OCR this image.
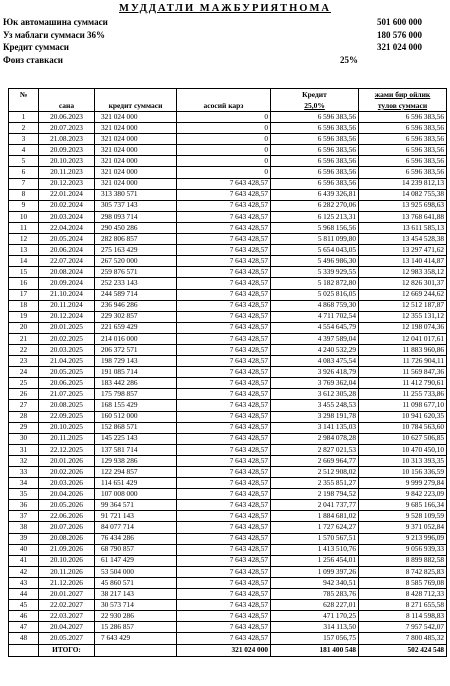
МУДДАТЛИ МАЖБУРИЯТНОМА
Юк автомашина суммаси	501 600 000
Уз маблаги суммаси 36%	180 576 000
Кредит суммаси	321 024 000
Фоиз ставкаси	25%
№				Кредит	жами бир ойлик
	сана	кредит суммаси	асосий карз	25,0%	тулов суммаси
1	20.06.2023	321 024 000	0	6 596 383,56	6 596 383,56
2	20.07.2023	321 024 000	0	6 596 383,56	6 596 383,56
3	21.08.2023	321 024 000	0	6 596 383,56	6 596 383,56
4	20.09.2023	321 024 000	0	6 596 383,56	6 596 383,56
5	20.10.2023	321 024 000	0	6 596 383,56	6 596 383,56
6	20.11.2023	321 024 000	0	6 596 383,56	6 596 383,56
7	20.12.2023	321 024 000	7 643 428,57	6 596 383,56	14 239 812,13
8	22.01.2024	313 380 571	7 643 428,57	6 439 326,81	14 082 755,38
9	20.02.2024	305 737 143	7 643 428,57	6 282 270,06	13 925 698,63
10	20.03.2024	298 093 714	7 643 428,57	6 125 213,31	13 768 641,88
11	22.04.2024	290 450 286	7 643 428,57	5 968 156,56	13 611 585,13
12	20.05.2024	282 806 857	7 643 428,57	5 811 099,80	13 454 528,38
13	20.06.2024	275 163 429	7 643 428,57	5 654 043,05	13 297 471,62
14	22.07.2024	267 520 000	7 643 428,57	5 496 986,30	13 140 414,87
15	20.08.2024	259 876 571	7 643 428,57	5 339 929,55	12 983 358,12
16	20.09.2024	252 233 143	7 643 428,57	5 182 872,80	12 826 301,37
17	21.10.2024	244 589 714	7 643 428,57	5 025 816,05	12 669 244,62
18	20.11.2024	236 946 286	7 643 428,57	4 868 759,30	12 512 187,87
19	20.12.2024	229 302 857	7 643 428,57	4 711 702,54	12 355 131,12
20	20.01.2025	221 659 429	7 643 428,57	4 554 645,79	12 198 074,36
21	20.02.2025	214 016 000	7 643 428,57	4 397 589,04	12 041 017,61
22	20.03.2025	206 372 571	7 643 428,57	4 240 532,29	11 883 960,86
23	21.04.2025	198 729 143	7 643 428,57	4 083 475,54	11 726 904,11
24	20.05.2025	191 085 714	7 643 428,57	3 926 418,79	11 569 847,36
25	20.06.2025	183 442 286	7 643 428,57	3 769 362,04	11 412 790,61
26	21.07.2025	175 798 857	7 643 428,57	3 612 305,28	11 255 733,86
27	20.08.2025	168 155 429	7 643 428,57	3 455 248,53	11 098 677,10
28	22.09.2025	160 512 000	7 643 428,57	3 298 191,78	10 941 620,35
29	20.10.2025	152 868 571	7 643 428,57	3 141 135,03	10 784 563,60
30	20.11.2025	145 225 143	7 643 428,57	2 984 078,28	10 627 506,85
31	22.12.2025	137 581 714	7 643 428,57	2 827 021,53	10 470 450,10
32	20.01.2026	129 938 286	7 643 428,57	2 669 964,77	10 313 393,35
33	20.02.2026	122 294 857	7 643 428,57	2 512 908,02	10 156 336,59
34	20.03.2026	114 651 429	7 643 428,57	2 355 851,27	9 999 279,84
35	20.04.2026	107 008 000	7 643 428,57	2 198 794,52	9 842 223,09
36	20.05.2026	99 364 571	7 643 428,57	2 041 737,77	9 685 166,34
37	22.06.2026	91 721 143	7 643 428,57	1 884 681,02	9 528 109,59
38	20.07.2026	84 077 714	7 643 428,57	1 727 624,27	9 371 052,84
39	20.08.2026	76 434 286	7 643 428,57	1 570 567,51	9 213 996,09
40	21.09.2026	68 790 857	7 643 428,57	1 413 510,76	9 056 939,33
41	20.10.2026	61 147 429	7 643 428,57	1 256 454,01	8 899 882,58
42	20.11.2026	53 504 000	7 643 428,57	1 099 397,26	8 742 825,83
43	21.12.2026	45 860 571	7 643 428,57	942 340,51	8 585 769,08
44	20.01.2027	38 217 143	7 643 428,57	785 283,76	8 428 712,33
45	22.02.2027	30 573 714	7 643 428,57	628 227,01	8 271 655,58
46	22.03.2027	22 930 286	7 643 428,57	471 170,25	8 114 598,83
47	20.04.2027	15 286 857	7 643 428,57	314 113,50	7 957 542,07
48	20.05.2027	7 643 429	7 643 428,57	157 056,75	7 800 485,32
	ИТОГО:		321 024 000	181 400 548	502 424 548
